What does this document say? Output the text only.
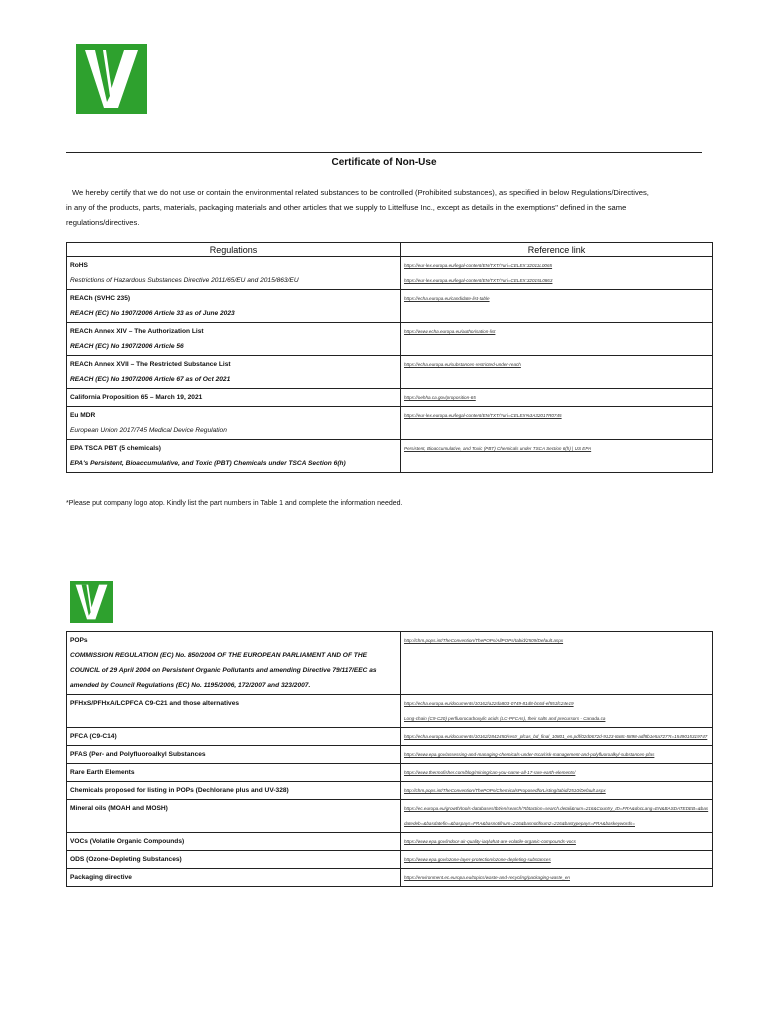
Certificate of Non-Use
We hereby certify that we do not use or contain the environmental related substances to be controlled (Prohibited substances), as specified in below Regulations/Directives,
in any of the products, parts, materials, packaging materials and other articles that we supply to Littelfuse Inc., except as details in the exemptions" defined in the same
regulations/directives.
Regulations	Reference link

RoHS
Restrictions of Hazardous Substances Directive 2011/65/EU and 2015/863/EU	https://eur-lex.europa.eu/legal-content/EN/TXT/?uri=CELEX:32011L0065
https://eur-lex.europa.eu/legal-content/EN/TXT/?uri=CELEX:32015L0863

REACh (SVHC 235)
REACH (EC) No 1907/2006 Article 33 as of June 2023	https://echa.europa.eu/candidate-list-table

REACh Annex XIV – The Authorization List
REACH (EC) No 1907/2006 Article 56	https://www.echa.europa.eu/authorisation-list

REACh Annex XVII – The Restricted Substance List
REACH (EC) No 1907/2006 Article 67 as of Oct 2021	https://echa.europa.eu/substances-restricted-under-reach

California Proposition 65 – March 19, 2021	https://oehha.ca.gov/proposition-65

Eu MDR
European Union 2017/745 Medical Device Regulation	https://eur-lex.europa.eu/legal-content/EN/TXT/?uri=CELEX%3A32017R0745

EPA TSCA PBT (5 chemicals)
EPA's Persistent, Bioaccumulative, and Toxic (PBT) Chemicals under TSCA Section 6(h)	Persistent, Bioaccumulative, and Toxic (PBT) Chemicals under TSCA Section 6(h) | US EPA
*Please put company logo atop. Kindly list the part numbers in Table 1 and complete the information needed.
POPs
COMMISSION REGULATION (EC) No. 850/2004 OF THE EUROPEAN PARLIAMENT AND OF THE COUNCIL of 29 April 2004 on Persistent Organic Pollutants and amending Directive 79/117/EEC as amended by Council Regulations (EC) No. 1195/2006, 172/2007 and 323/2007.	http://chm.pops.int/TheConvention/ThePOPs/AllPOPs/tabid/2509/Default.aspx

PFHxS/PFHxA/LCPFCA C9-C21 and those alternatives	https://echa.europa.eu/documents/10162/a22da803-0749-81d8-bc6d-ef551fc24e19
Long-chain (C9-C20) perfluorocarboxylic acids (LC-PFCAs), their salts and precursors - Canada.ca

PFCA (C9-C14)	https://echa.europa.eu/documents/10162/2842450/restr_pfcas_bd_final_10801_en.pdf/02d0672d-9123-8a8c-5898-adf8b1e5a727?t=1549015319747

PFAS (Per- and Polyfluoroalkyl Substances	https://www.epa.gov/assessing-and-managing-chemicals-under-tsca/risk-management-and-polyfluoroalkyl-substances-pfas

Rare Earth Elements	https://www.thermofisher.com/blog/mining/can-you-name-all-17-rare-earth-elements/

Chemicals proposed for listing in POPs (Dechlorane plus and UV-328)	http://chm.pops.int/TheConvention/ThePOPs/ChemicalsProposedforListing/tabid/2510/Default.aspx

Mineral oils (MOAH and MOSH)	https://ec.europa.eu/growth/tools-databases/tbt/en/search/?tbtaction=search.detail&num=216&Country_ID=FRA&docLang=EN&BASDATEDEB=&basdatedeb=&basdatefin=&baspays=FRA&basnotifnum=216&basnotifnum2=216&bastypepays=FRA&baskeywords=

VOCs (Volatile Organic Compounds)	https://www.epa.gov/indoor-air-quality-iaq/what-are-volatile-organic-compounds-vocs

ODS (Ozone-Depleting Substances)	https://www.epa.gov/ozone-layer-protection/ozone-depleting-substances

Packaging directive	https://environment.ec.europa.eu/topics/waste-and-recycling/packaging-waste_en
